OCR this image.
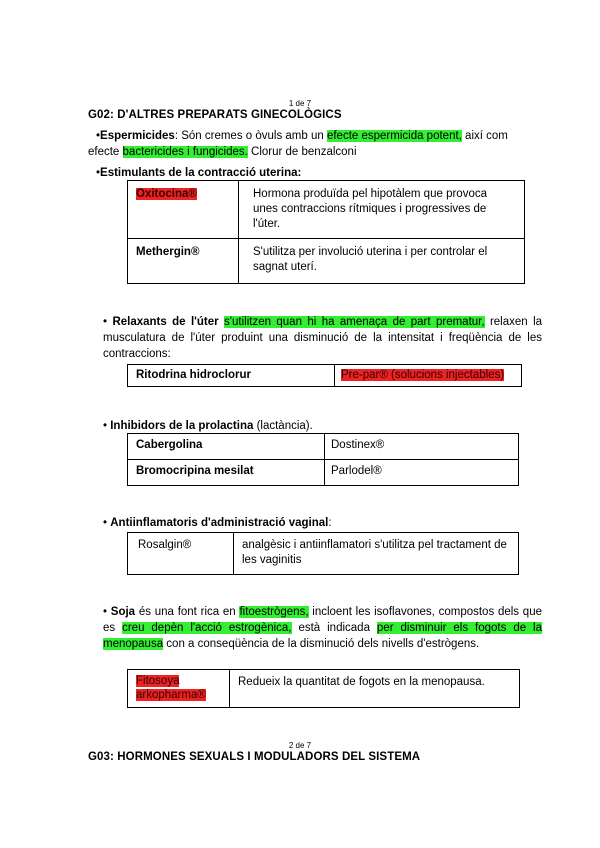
1 de 7
G02: D'ALTRES PREPARATS GINECOLÒGICS
•Espermicides: Són cremes o òvuls amb un efecte espermicida potent, així com efecte bactericides i fungicides. Clorur de benzalconi
•Estimulants de la contracció uterina:
Oxitocina®	Hormona produïda pel hipotàlem que provoca unes contraccions rítmiques i progressives de l'úter.
Methergin®	S'utilitza per involució uterina i per controlar el sagnat uterí.
• Relaxants de l'úter s'utilitzen quan hi ha amenaça de part prematur, relaxen la musculatura de l'úter produint una disminució de la intensitat i freqüència de les contraccions:
Ritodrina hidroclorur	Pre-par® (solucions injectables)
• Inhibidors de la prolactina (lactància).
Cabergolina	Dostinex®
Bromocripina mesilat	Parlodel®
• Antiinflamatoris d'administració vaginal:
Rosalgin®	analgèsic i antiinflamatori s'utilitza pel tractament de les vaginitis
• Soja és una font rica en fitoestrògens, incloent les isoflavones, compostos dels que es creu depèn l'acció estrogènica, està indicada per disminuir els fogots de la menopausa con a conseqüència de la disminució dels nivells d'estrògens.
Fitosoya arkopharma®	Redueix la quantitat de fogots en la menopausa.
2 de 7
G03: HORMONES SEXUALS I MODULADORS DEL SISTEMA
